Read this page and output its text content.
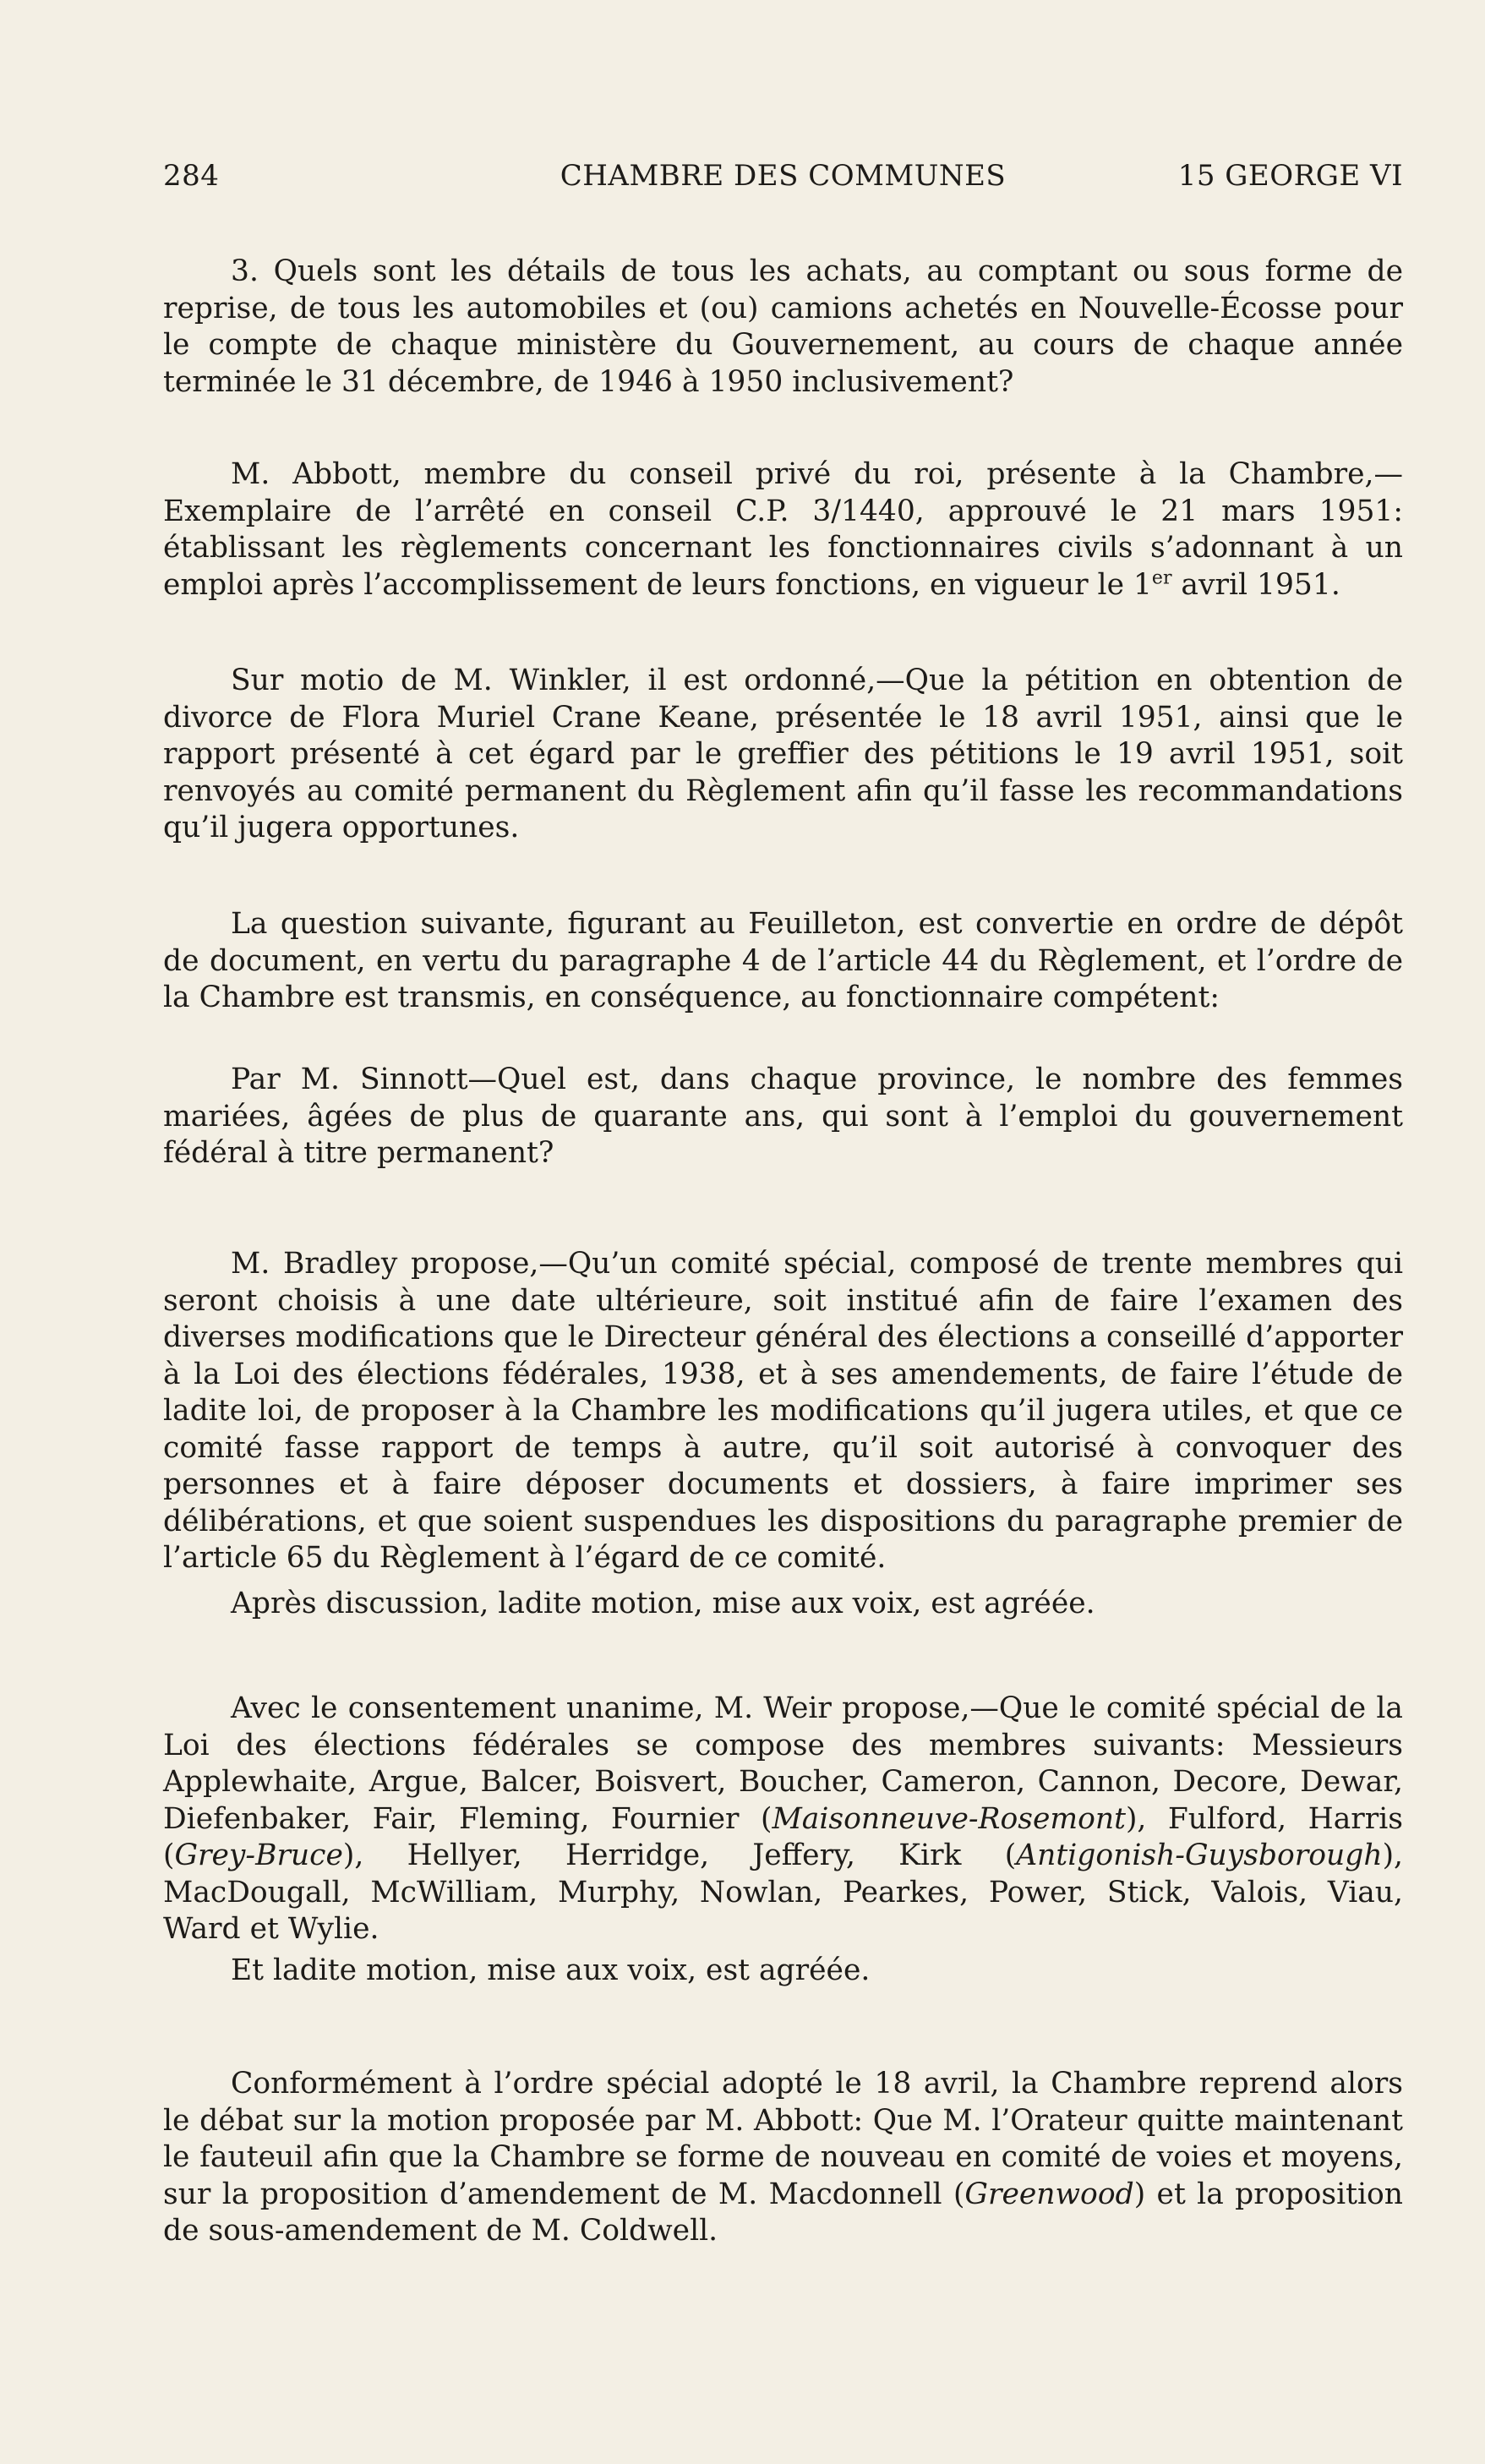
284	CHAMBRE DES COMMUNES	15 GEORGE VI

3. Quels sont les détails de tous les achats, au comptant ou sous forme de reprise, de tous les automobiles et (ou) camions achetés en Nouvelle-Écosse pour le compte de chaque ministère du Gouvernement, au cours de chaque année terminée le 31 décembre, de 1946 à 1950 inclusivement?

M. Abbott, membre du conseil privé du roi, présente à la Chambre,— Exemplaire de l’arrêté en conseil C.P. 3/1440, approuvé le 21 mars 1951: établissant les règlements concernant les fonctionnaires civils s’adonnant à un emploi après l’accomplissement de leurs fonctions, en vigueur le 1er avril 1951.

Sur motio de M. Winkler, il est ordonné,—Que la pétition en obtention de divorce de Flora Muriel Crane Keane, présentée le 18 avril 1951, ainsi que le rapport présenté à cet égard par le greffier des pétitions le 19 avril 1951, soit renvoyés au comité permanent du Règlement afin qu’il fasse les recommandations qu’il jugera opportunes.

La question suivante, figurant au Feuilleton, est convertie en ordre de dépôt de document, en vertu du paragraphe 4 de l’article 44 du Règlement, et l’ordre de la Chambre est transmis, en conséquence, au fonctionnaire compétent:

Par M. Sinnott—Quel est, dans chaque province, le nombre des femmes mariées, âgées de plus de quarante ans, qui sont à l’emploi du gouvernement fédéral à titre permanent?

M. Bradley propose,—Qu’un comité spécial, composé de trente membres qui seront choisis à une date ultérieure, soit institué afin de faire l’examen des diverses modifications que le Directeur général des élections a conseillé d’apporter à la Loi des élections fédérales, 1938, et à ses amendements, de faire l’étude de ladite loi, de proposer à la Chambre les modifications qu’il jugera utiles, et que ce comité fasse rapport de temps à autre, qu’il soit autorisé à convoquer des personnes et à faire déposer documents et dossiers, à faire imprimer ses délibérations, et que soient suspendues les dispositions du paragraphe premier de l’article 65 du Règlement à l’égard de ce comité.

Après discussion, ladite motion, mise aux voix, est agréée.

Avec le consentement unanime, M. Weir propose,—Que le comité spécial de la Loi des élections fédérales se compose des membres suivants: Messieurs Applewhaite, Argue, Balcer, Boisvert, Boucher, Cameron, Cannon, Decore, Dewar, Diefenbaker, Fair, Fleming, Fournier (Maisonneuve-Rosemont), Fulford, Harris (Grey-Bruce), Hellyer, Herridge, Jeffery, Kirk (Antigonish-Guysborough), MacDougall, McWilliam, Murphy, Nowlan, Pearkes, Power, Stick, Valois, Viau, Ward et Wylie.

Et ladite motion, mise aux voix, est agréée.

Conformément à l’ordre spécial adopté le 18 avril, la Chambre reprend alors le débat sur la motion proposée par M. Abbott: Que M. l’Orateur quitte maintenant le fauteuil afin que la Chambre se forme de nouveau en comité de voies et moyens, sur la proposition d’amendement de M. Macdonnell (Greenwood) et la proposition de sous-amendement de M. Coldwell.
